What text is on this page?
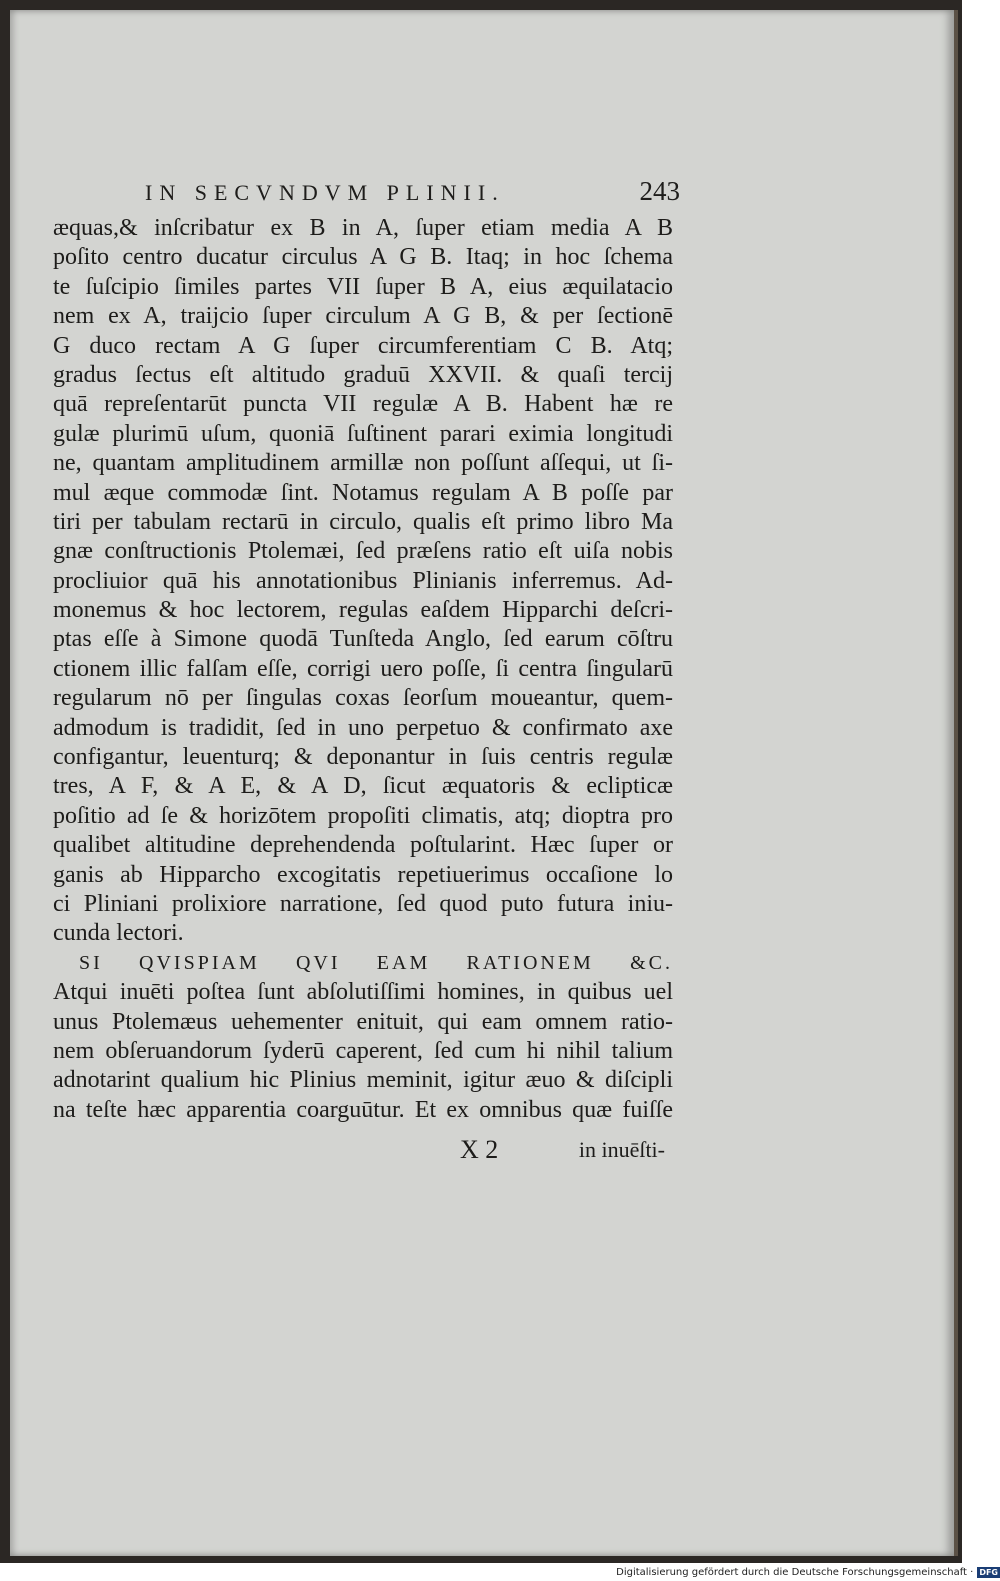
IN SECVNDVM PLINII.	243
æquas,& inſcribatur ex B in A, ſuper etiam media A B
poſito centro ducatur circulus A G B. Itaq; in hoc ſchema
te ſuſcipio ſimiles partes VII ſuper B A, eius æquilatacio
nem ex A, traijcio ſuper circulum A G B, & per ſectionē
G duco rectam A G ſuper circumferentiam C B. Atq;
gradus ſectus eſt altitudo graduū XXVII. & quaſi tercij
quā repreſentarūt puncta VII regulæ A B. Habent hæ re
gulæ plurimū uſum, quoniā ſuſtinent parari eximia longitudi
ne, quantam amplitudinem armillæ non poſſunt aſſequi, ut ſi-
mul æque commodæ ſint. Notamus regulam A B poſſe par
tiri per tabulam rectarū in circulo, qualis eſt primo libro Ma
gnæ conſtructionis Ptolemæi, ſed præſens ratio eſt uiſa nobis
procliuior quā his annotationibus Plinianis inferremus. Ad-
monemus & hoc lectorem, regulas eaſdem Hipparchi deſcri-
ptas eſſe à Simone quodā Tunſteda Anglo, ſed earum cōſtru
ctionem illic falſam eſſe, corrigi uero poſſe, ſi centra ſingularū
regularum nō per ſingulas coxas ſeorſum moueantur, quem-
admodum is tradidit, ſed in uno perpetuo & confirmato axe
configantur, leuenturq; & deponantur in ſuis centris regulæ
tres, A F, & A E, & A D, ſicut æquatoris & eclipticæ
poſitio ad ſe & horizōtem propoſiti climatis, atq; dioptra pro
qualibet altitudine deprehendenda poſtularint. Hæc ſuper or
ganis ab Hipparcho excogitatis repetiuerimus occaſione lo
ci Pliniani prolixiore narratione, ſed quod puto futura iniu-
cunda lectori.
SI QVISPIAM QVI EAM RATIONEM &C.
Atqui inuēti poſtea ſunt abſolutiſſimi homines, in quibus uel
unus Ptolemæus uehementer enituit, qui eam omnem ratio-
nem obſeruandorum ſyderū caperent, ſed cum hi nihil talium
adnotarint qualium hic Plinius meminit, igitur æuo & diſcipli
na teſte hæc apparentia coarguūtur. Et ex omnibus quæ fuiſſe
X 2	in inuēſti-
Digitalisierung gefördert durch die Deutsche Forschungsgemeinschaft · DFG
